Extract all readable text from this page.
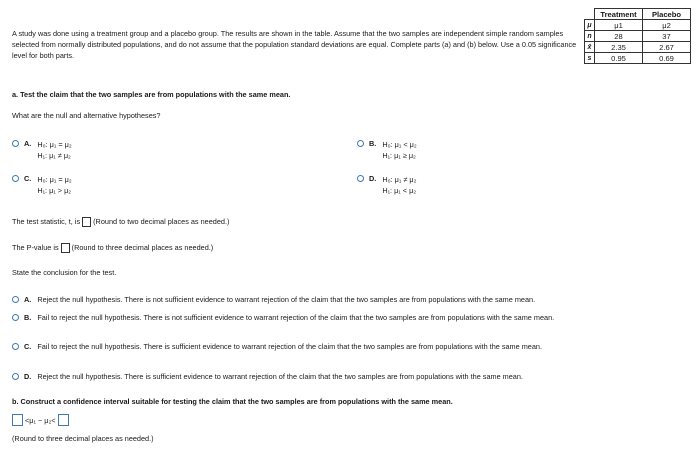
A study was done using a treatment group and a placebo group. The results are shown in the table. Assume that the two samples are independent simple random samples selected from normally distributed populations, and do not assume that the population standard deviations are equal. Complete parts (a) and (b) below. Use a 0.05 significance level for both parts.
	Treatment	Placebo
μ	μ1	μ2
n	28	37
x̄	2.35	2.67
s	0.95	0.69
a. Test the claim that the two samples are from populations with the same mean.
What are the null and alternative hypotheses?
A. H₀: μ₁ = μ₂
H₁: μ₁ ≠ μ₂
B. H₀: μ₁ < μ₂
H₁: μ₁ ≥ μ₂
C. H₀: μ₁ = μ₂
H₁: μ₁ > μ₂
D. H₀: μ₁ ≠ μ₂
H₁: μ₁ < μ₂
The test statistic, t, is (Round to two decimal places as needed.)
The P-value is (Round to three decimal places as needed.)
State the conclusion for the test.
A. Reject the null hypothesis. There is not sufficient evidence to warrant rejection of the claim that the two samples are from populations with the same mean.
B. Fail to reject the null hypothesis. There is not sufficient evidence to warrant rejection of the claim that the two samples are from populations with the same mean.
C. Fail to reject the null hypothesis. There is sufficient evidence to warrant rejection of the claim that the two samples are from populations with the same mean.
D. Reject the null hypothesis. There is sufficient evidence to warrant rejection of the claim that the two samples are from populations with the same mean.
b. Construct a confidence interval suitable for testing the claim that the two samples are from populations with the same mean.
<μ₁ − μ₂<
(Round to three decimal places as needed.)
